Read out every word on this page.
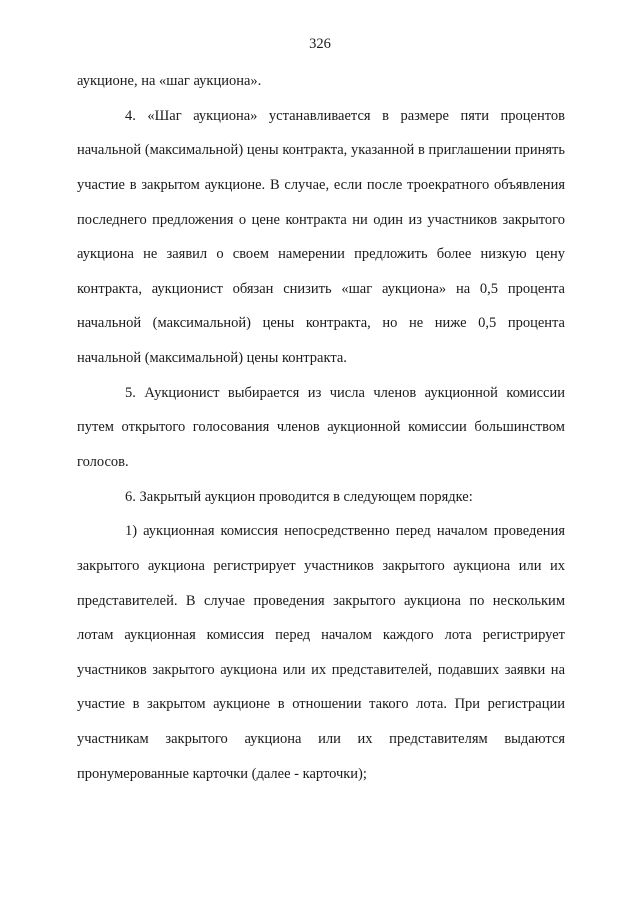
326

аукционе, на «шаг аукциона».

4. «Шаг аукциона» устанавливается в размере пяти процентов начальной (максимальной) цены контракта, указанной в приглашении принять участие в закрытом аукционе. В случае, если после троекратного объявления последнего предложения о цене контракта ни один из участников закрытого аукциона не заявил о своем намерении предложить более низкую цену контракта, аукционист обязан снизить «шаг аукциона» на 0,5 процента начальной (максимальной) цены контракта, но не ниже 0,5 процента начальной (максимальной) цены контракта.

5. Аукционист выбирается из числа членов аукционной комиссии путем открытого голосования членов аукционной комиссии большинством голосов.

6. Закрытый аукцион проводится в следующем порядке:

1) аукционная комиссия непосредственно перед началом проведения закрытого аукциона регистрирует участников закрытого аукциона или их представителей. В случае проведения закрытого аукциона по нескольким лотам аукционная комиссия перед началом каждого лота регистрирует участников закрытого аукциона или их представителей, подавших заявки на участие в закрытом аукционе в отношении такого лота. При регистрации участникам закрытого аукциона или их представителям выдаются пронумерованные карточки (далее - карточки);
